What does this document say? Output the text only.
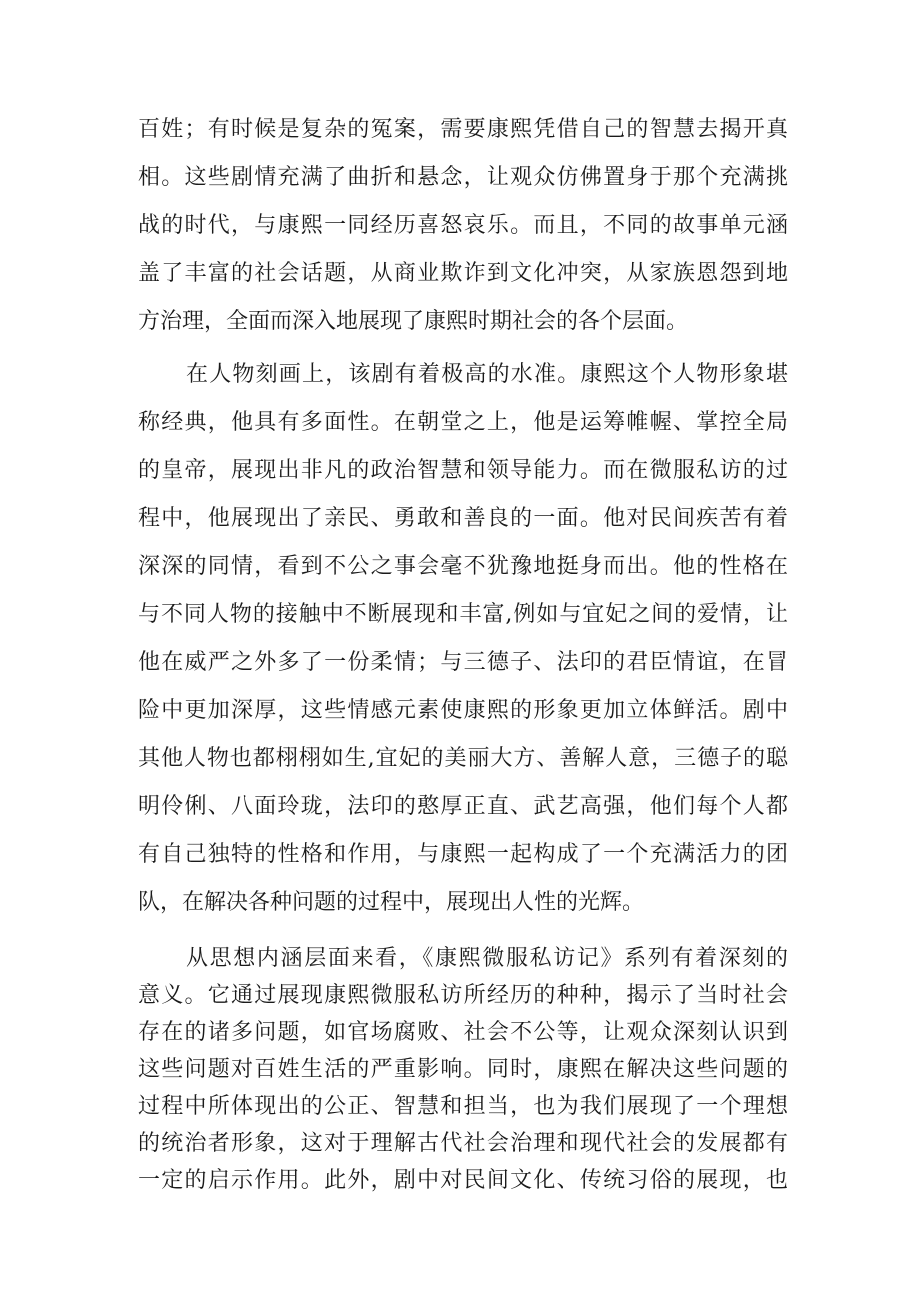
百姓；有时候是复杂的冤案，需要康熙凭借自己的智慧去揭开真

相。这些剧情充满了曲折和悬念，让观众仿佛置身于那个充满挑

战的时代，与康熙一同经历喜怒哀乐。而且，不同的故事单元涵

盖了丰富的社会话题，从商业欺诈到文化冲突，从家族恩怨到地

方治理，全面而深入地展现了康熙时期社会的各个层面。

在人物刻画上，该剧有着极高的水准。康熙这个人物形象堪

称经典，他具有多面性。在朝堂之上，他是运筹帷幄、掌控全局

的皇帝，展现出非凡的政治智慧和领导能力。而在微服私访的过

程中，他展现出了亲民、勇敢和善良的一面。他对民间疾苦有着

深深的同情，看到不公之事会毫不犹豫地挺身而出。他的性格在

与不同人物的接触中不断展现和丰富,例如与宜妃之间的爱情，让

他在威严之外多了一份柔情；与三德子、法印的君臣情谊，在冒

险中更加深厚，这些情感元素使康熙的形象更加立体鲜活。剧中

其他人物也都栩栩如生,宜妃的美丽大方、善解人意，三德子的聪

明伶俐、八面玲珑，法印的憨厚正直、武艺高强，他们每个人都

有自己独特的性格和作用，与康熙一起构成了一个充满活力的团

队，在解决各种问题的过程中，展现出人性的光辉。

从思想内涵层面来看，《康熙微服私访记》系列有着深刻的

意义。它通过展现康熙微服私访所经历的种种，揭示了当时社会

存在的诸多问题，如官场腐败、社会不公等，让观众深刻认识到

这些问题对百姓生活的严重影响。同时，康熙在解决这些问题的

过程中所体现出的公正、智慧和担当，也为我们展现了一个理想

的统治者形象，这对于理解古代社会治理和现代社会的发展都有

一定的启示作用。此外，剧中对民间文化、传统习俗的展现，也
